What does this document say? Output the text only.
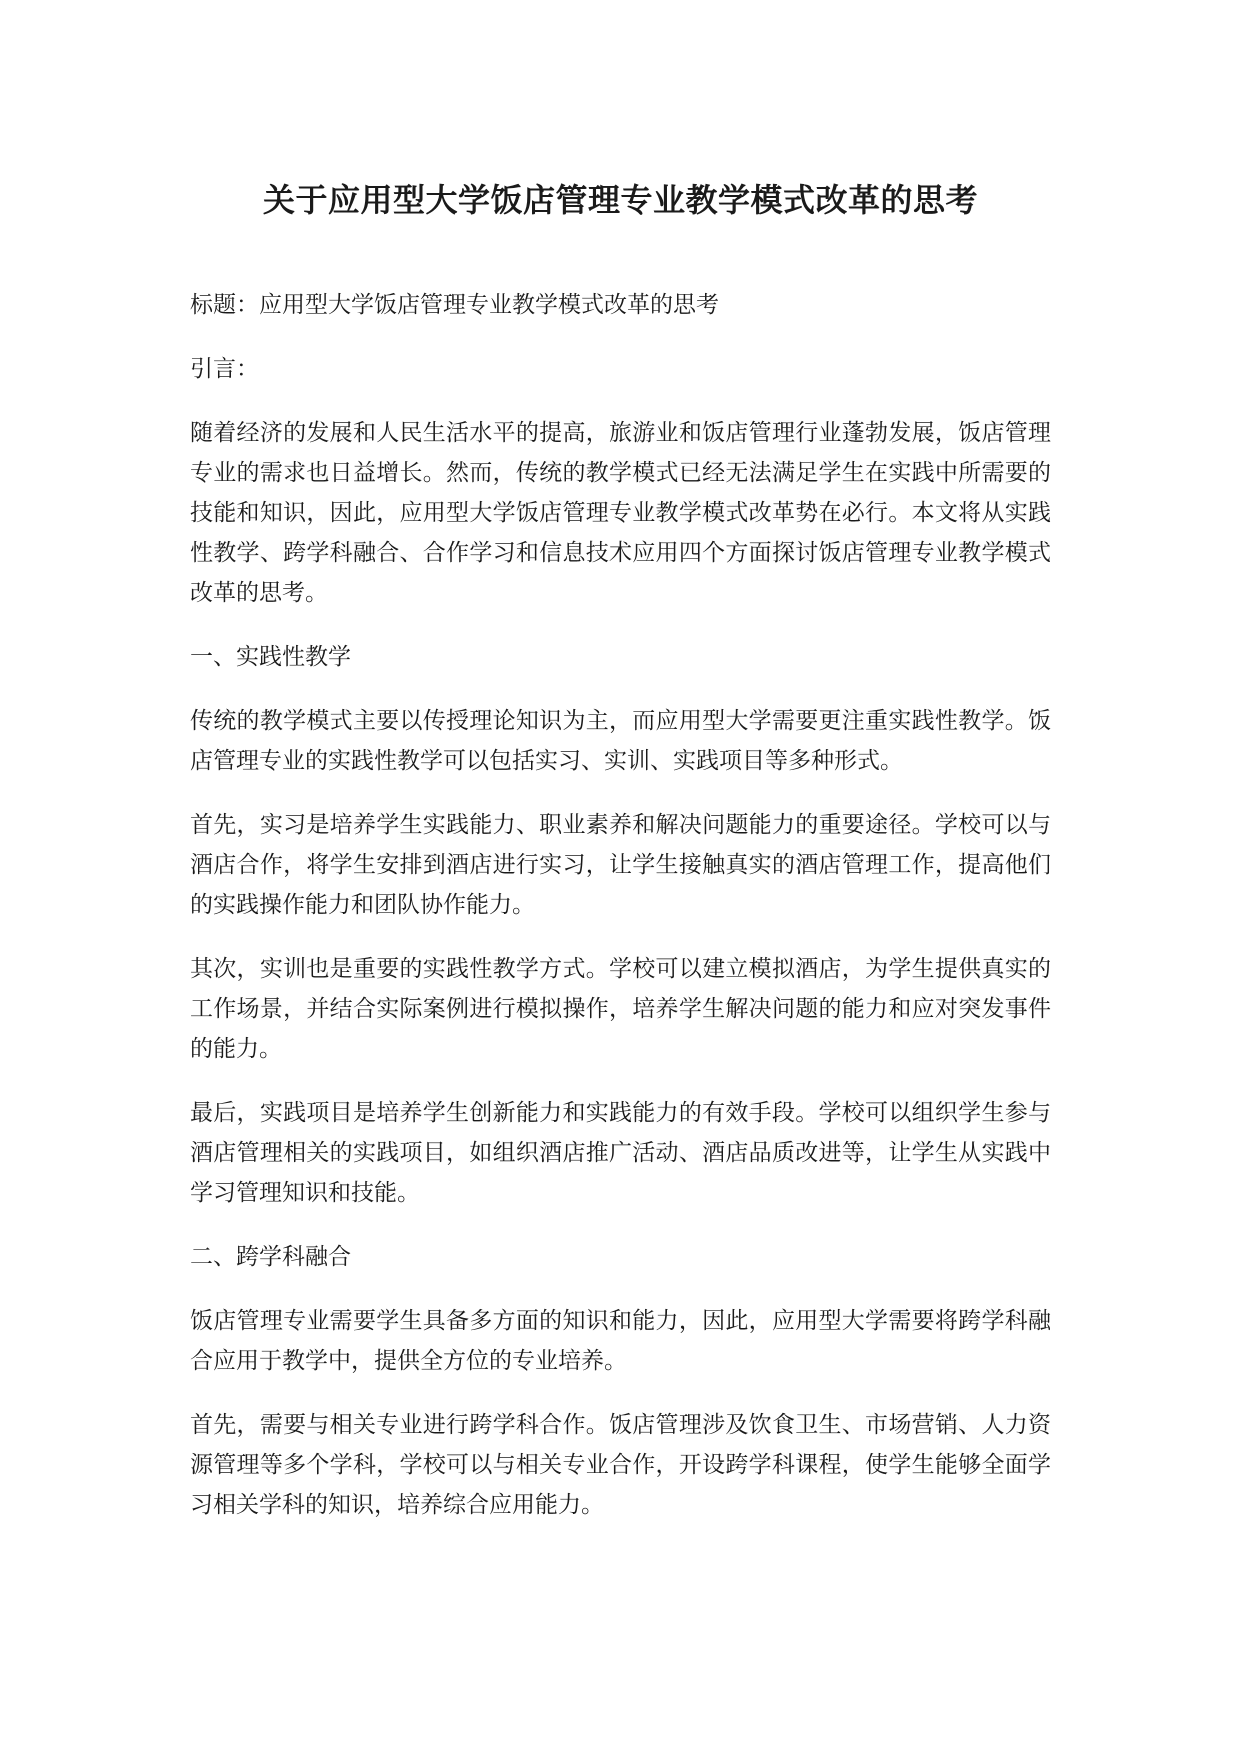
关于应用型大学饭店管理专业教学模式改革的思考

标题：应用型大学饭店管理专业教学模式改革的思考

引言：

随着经济的发展和人民生活水平的提高，旅游业和饭店管理行业蓬勃发展，饭店管理专业的需求也日益增长。然而，传统的教学模式已经无法满足学生在实践中所需要的技能和知识，因此，应用型大学饭店管理专业教学模式改革势在必行。本文将从实践性教学、跨学科融合、合作学习和信息技术应用四个方面探讨饭店管理专业教学模式改革的思考。

一、实践性教学

传统的教学模式主要以传授理论知识为主，而应用型大学需要更注重实践性教学。饭店管理专业的实践性教学可以包括实习、实训、实践项目等多种形式。

首先，实习是培养学生实践能力、职业素养和解决问题能力的重要途径。学校可以与酒店合作，将学生安排到酒店进行实习，让学生接触真实的酒店管理工作，提高他们的实践操作能力和团队协作能力。

其次，实训也是重要的实践性教学方式。学校可以建立模拟酒店，为学生提供真实的工作场景，并结合实际案例进行模拟操作，培养学生解决问题的能力和应对突发事件的能力。

最后，实践项目是培养学生创新能力和实践能力的有效手段。学校可以组织学生参与酒店管理相关的实践项目，如组织酒店推广活动、酒店品质改进等，让学生从实践中学习管理知识和技能。

二、跨学科融合

饭店管理专业需要学生具备多方面的知识和能力，因此，应用型大学需要将跨学科融合应用于教学中，提供全方位的专业培养。

首先，需要与相关专业进行跨学科合作。饭店管理涉及饮食卫生、市场营销、人力资源管理等多个学科，学校可以与相关专业合作，开设跨学科课程，使学生能够全面学习相关学科的知识，培养综合应用能力。
